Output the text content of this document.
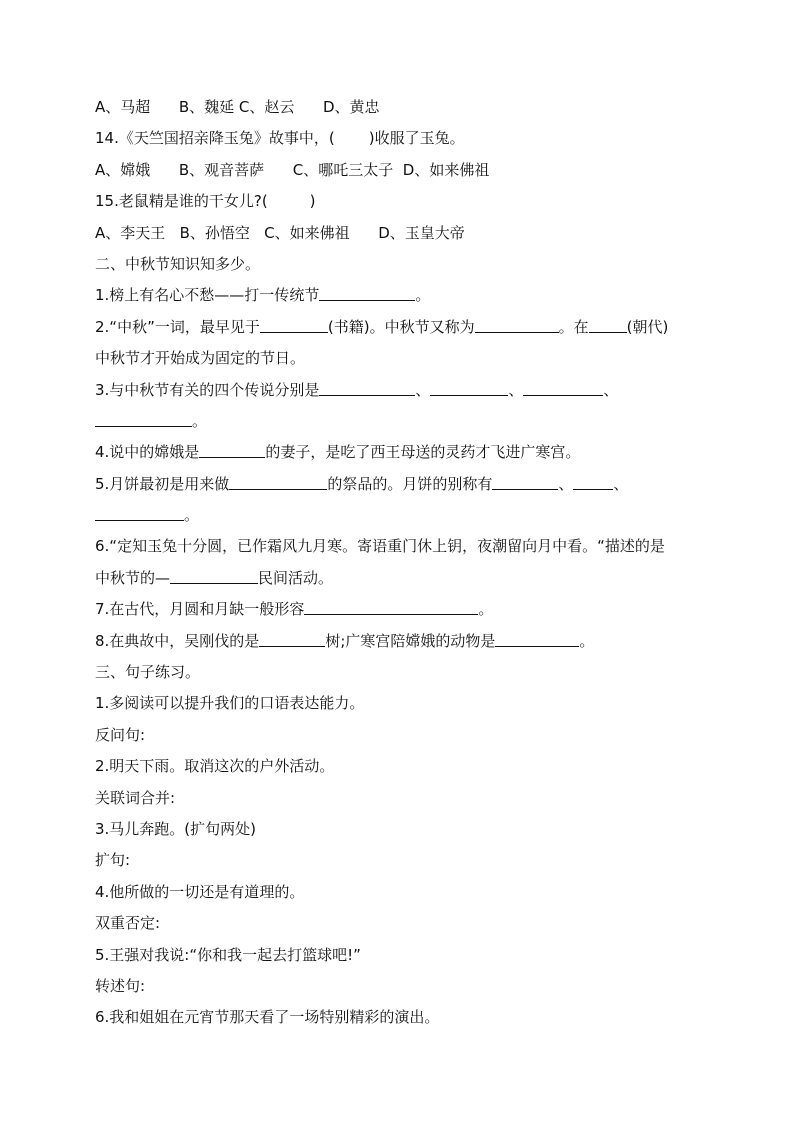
A、马超      B、魏延 C、赵云      D、黄忠
14.《天竺国招亲降玉兔》故事中，( )收服了玉兔。
A、嫦娥      B、观音菩萨      C、哪吒三太子  D、如来佛祖
15.老鼠精是谁的干女儿?(	)
A、李天王   B、孙悟空   C、如来佛祖      D、玉皇大帝
二、中秋节知识知多少。
1.榜上有名心不愁——打一传统节	。
2.“中秋”一词，最早见于	(书籍)。中秋节又称为	。在	(朝代)
中秋节才开始成为固定的节日。
3.与中秋节有关的四个传说分别是	、	、	、
。
4.说中的嫦娥是	的妻子，是吃了西王母送的灵药才飞进广寒宫。
5.月饼最初是用来做	的祭品的。月饼的别称有	、	、
。
6.“定知玉兔十分圆，已作霜风九月寒。寄语重门休上钥，夜潮留向月中看。“描述的是
中秋节的—	民间活动。
7.在古代，月圆和月缺一般形容	。
8.在典故中，吴刚伐的是	树;广寒宫陪嫦娥的动物是	。
三、句子练习。
1.多阅读可以提升我们的口语表达能力。
反问句:
2.明天下雨。取消这次的户外活动。
关联词合并:
3.马儿奔跑。(扩句两处)
扩句:
4.他所做的一切还是有道理的。
双重否定:
5.王强对我说:“你和我一起去打篮球吧!”
转述句:
6.我和姐姐在元宵节那天看了一场特别精彩的演出。
